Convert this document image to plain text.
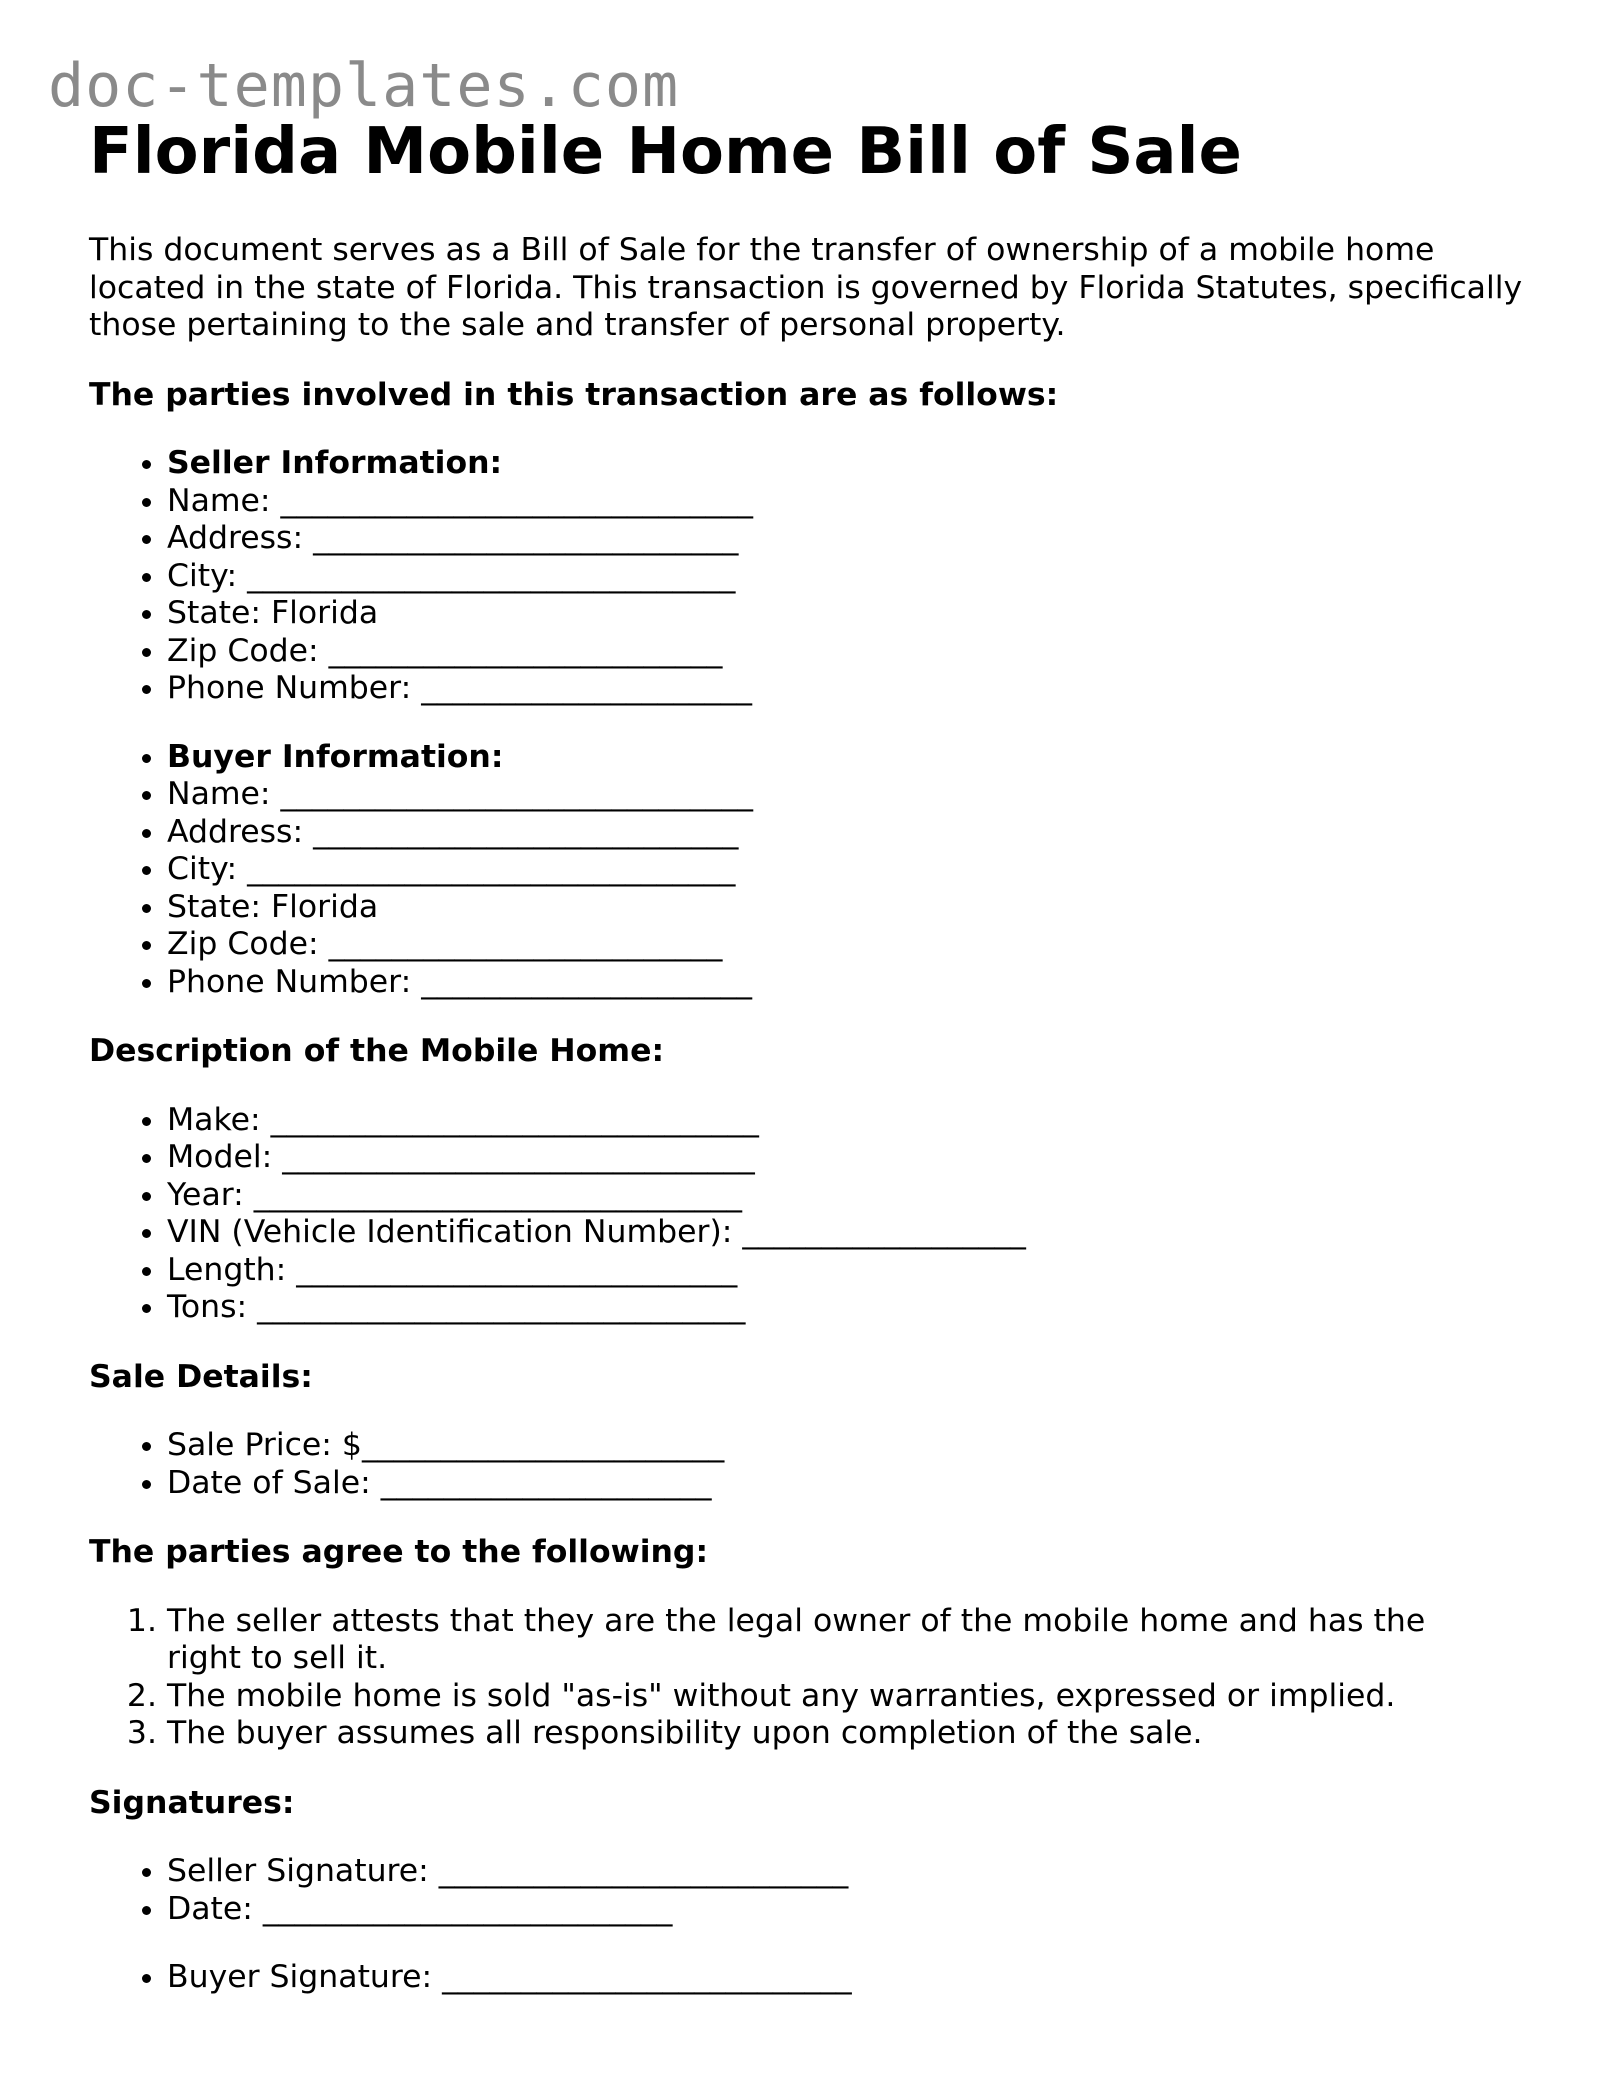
doc-templates.com
Florida Mobile Home Bill of Sale

This document serves as a Bill of Sale for the transfer of ownership of a mobile home located in the state of Florida. This transaction is governed by Florida Statutes, specifically those pertaining to the sale and transfer of personal property.

The parties involved in this transaction are as follows:
• Seller Information:
• Name: ______________________________
• Address: ___________________________
• City: _______________________________
• State: Florida
• Zip Code: _________________________
• Phone Number: _____________________
• Buyer Information:
• Name: ______________________________
• Address: ___________________________
• City: _______________________________
• State: Florida
• Zip Code: _________________________
• Phone Number: _____________________
Description of the Mobile Home:
• Make: _______________________________
• Model: ______________________________
• Year: _______________________________
• VIN (Vehicle Identification Number): __________________
• Length: ____________________________
• Tons: _______________________________
Sale Details:
• Sale Price: $_______________________
• Date of Sale: _____________________
The parties agree to the following:
1. The seller attests that they are the legal owner of the mobile home and has the right to sell it.
2. The mobile home is sold "as-is" without any warranties, expressed or implied.
3. The buyer assumes all responsibility upon completion of the sale.
Signatures:
• Seller Signature: __________________________
• Date: __________________________
• Buyer Signature: __________________________
